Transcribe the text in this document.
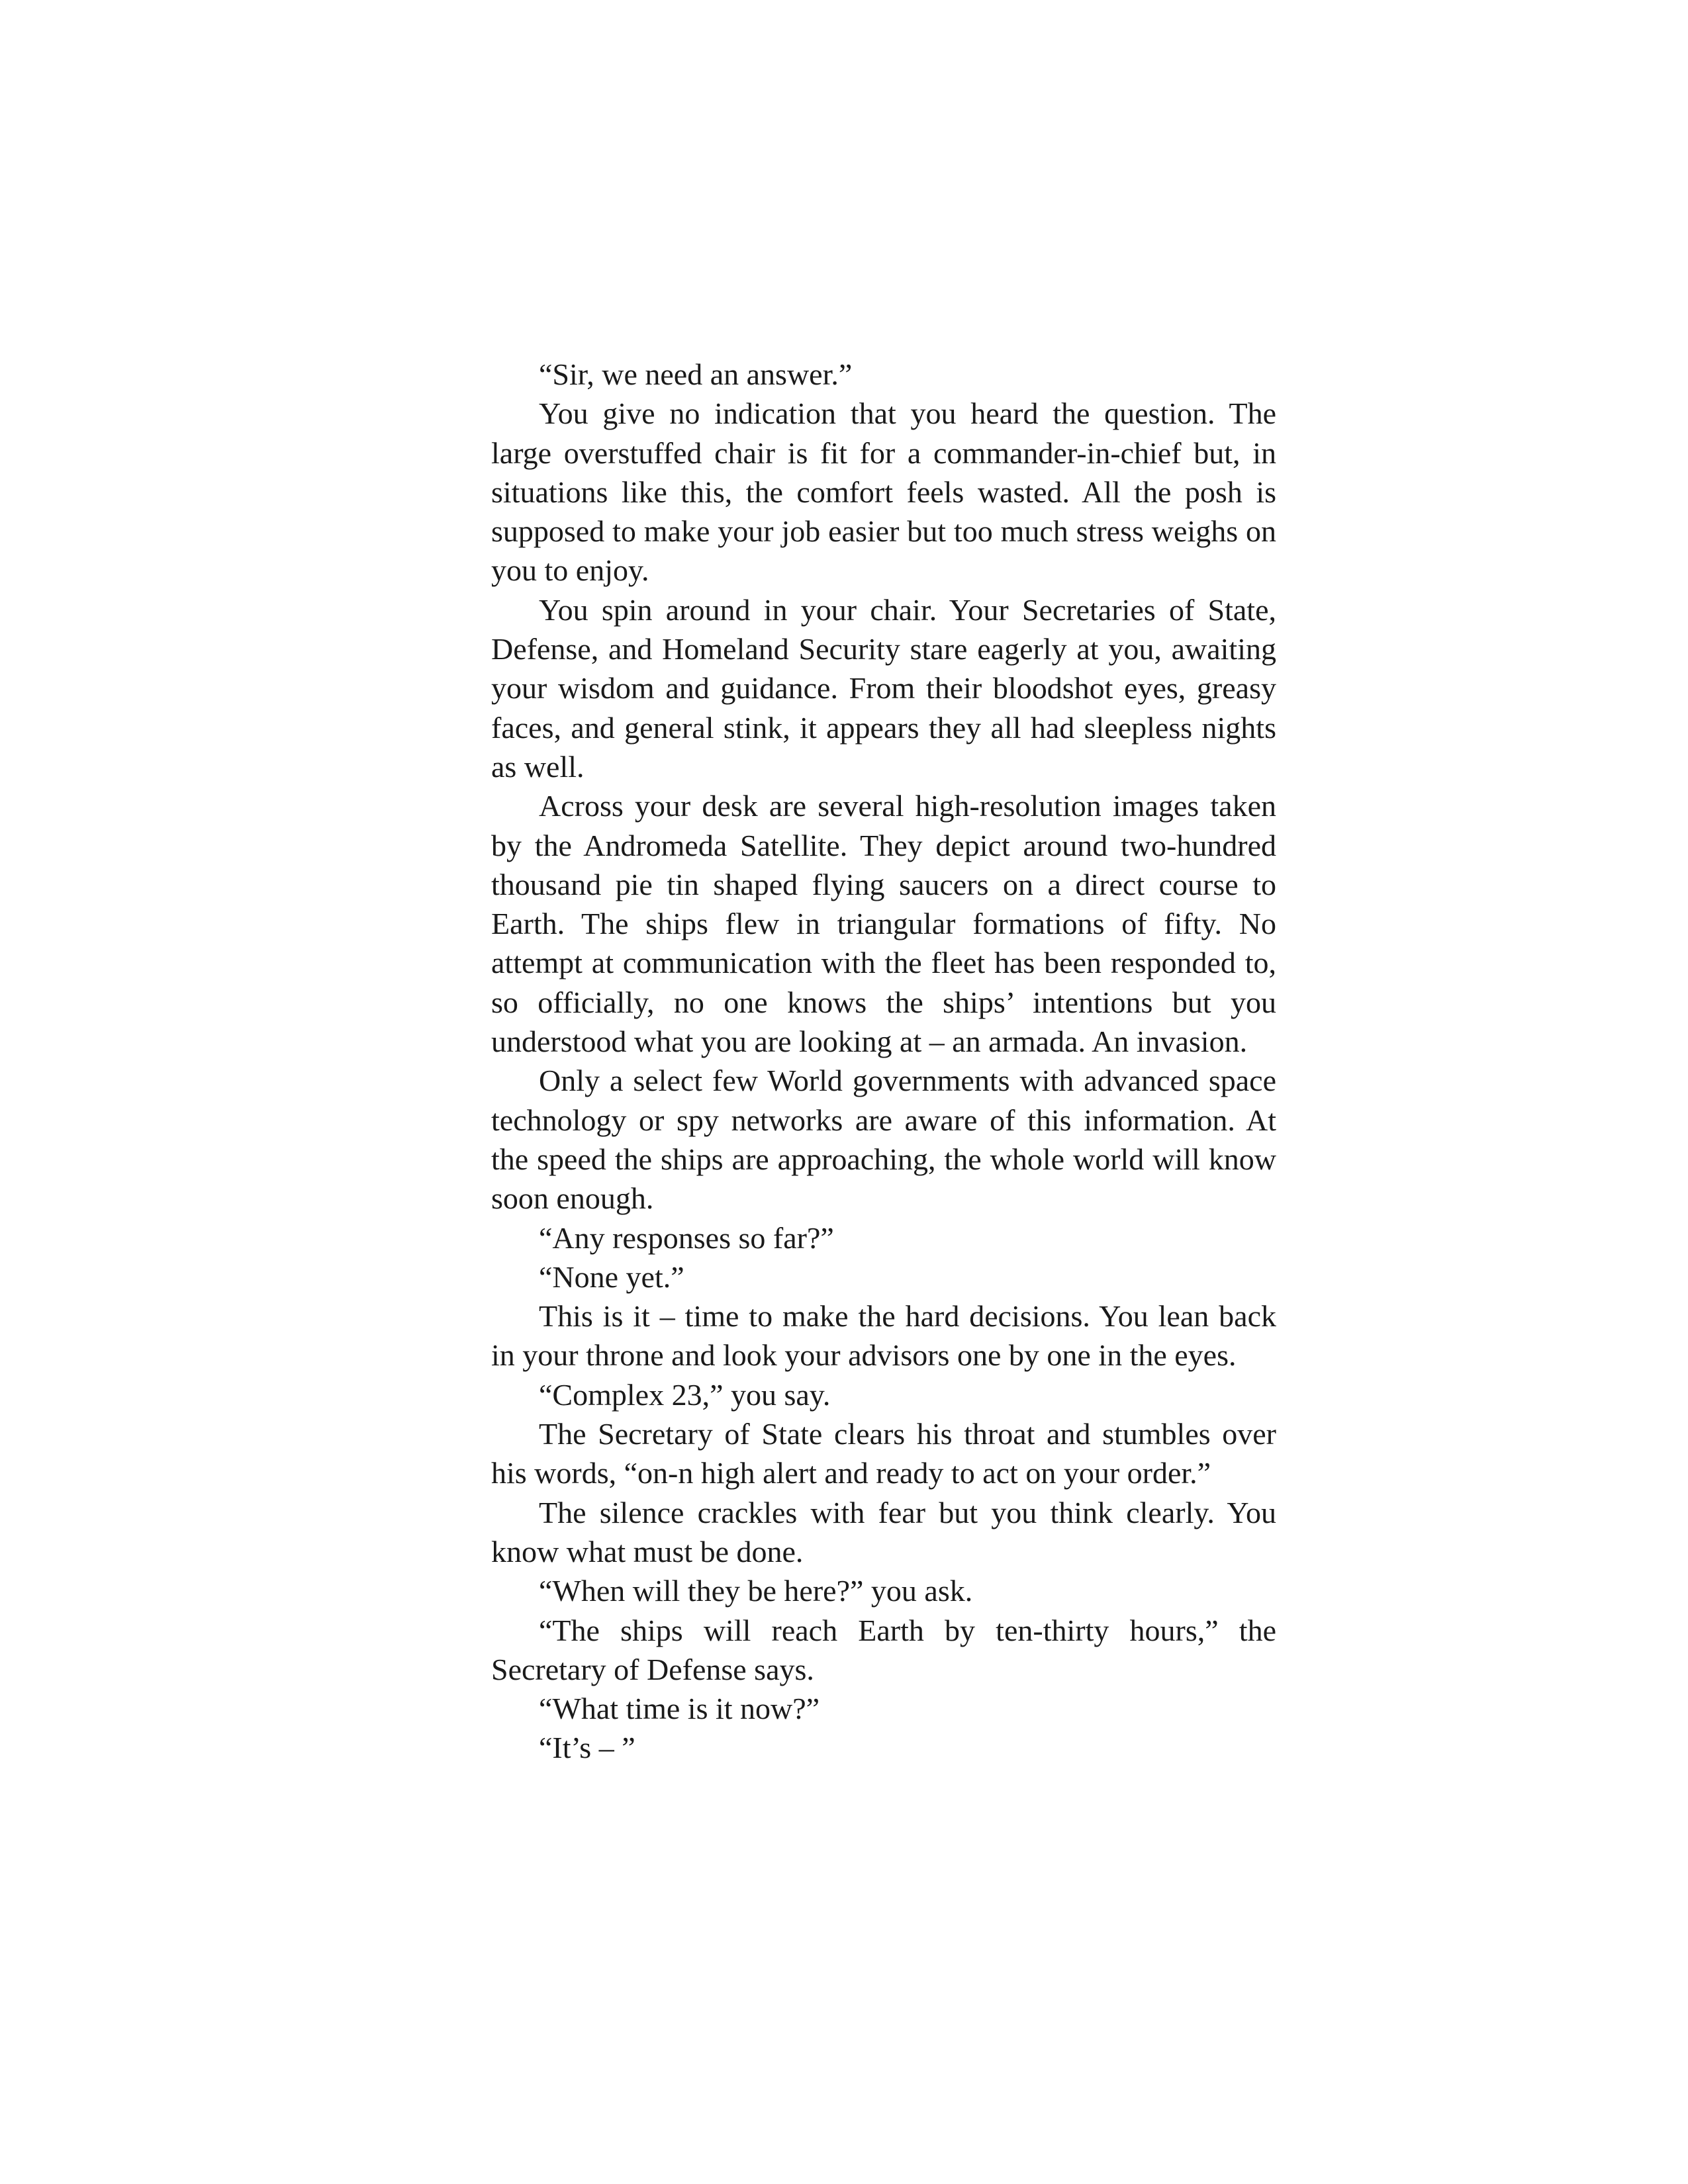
“Sir, we need an answer.”

You give no indication that you heard the question. The large overstuffed chair is fit for a commander-in-chief but, in situations like this, the comfort feels wasted. All the posh is supposed to make your job easier but too much stress weighs on you to enjoy.

You spin around in your chair. Your Secretaries of State, Defense, and Homeland Security stare eagerly at you, awaiting your wisdom and guidance. From their bloodshot eyes, greasy faces, and general stink, it appears they all had sleepless nights as well.

Across your desk are several high-resolution images taken by the Andromeda Satellite. They depict around two-hundred thousand pie tin shaped flying saucers on a direct course to Earth. The ships flew in triangular formations of fifty. No attempt at communication with the fleet has been responded to, so officially, no one knows the ships’ intentions but you understood what you are looking at – an armada. An invasion.

Only a select few World governments with advanced space technology or spy networks are aware of this information. At the speed the ships are approaching, the whole world will know soon enough.

“Any responses so far?”

“None yet.”

This is it – time to make the hard decisions. You lean back in your throne and look your advisors one by one in the eyes.

“Complex 23,” you say.

The Secretary of State clears his throat and stumbles over his words, “on-n high alert and ready to act on your order.”

The silence crackles with fear but you think clearly. You know what must be done.

“When will they be here?” you ask.

“The ships will reach Earth by ten-thirty hours,” the Secretary of Defense says.

“What time is it now?”

“It’s – ”
